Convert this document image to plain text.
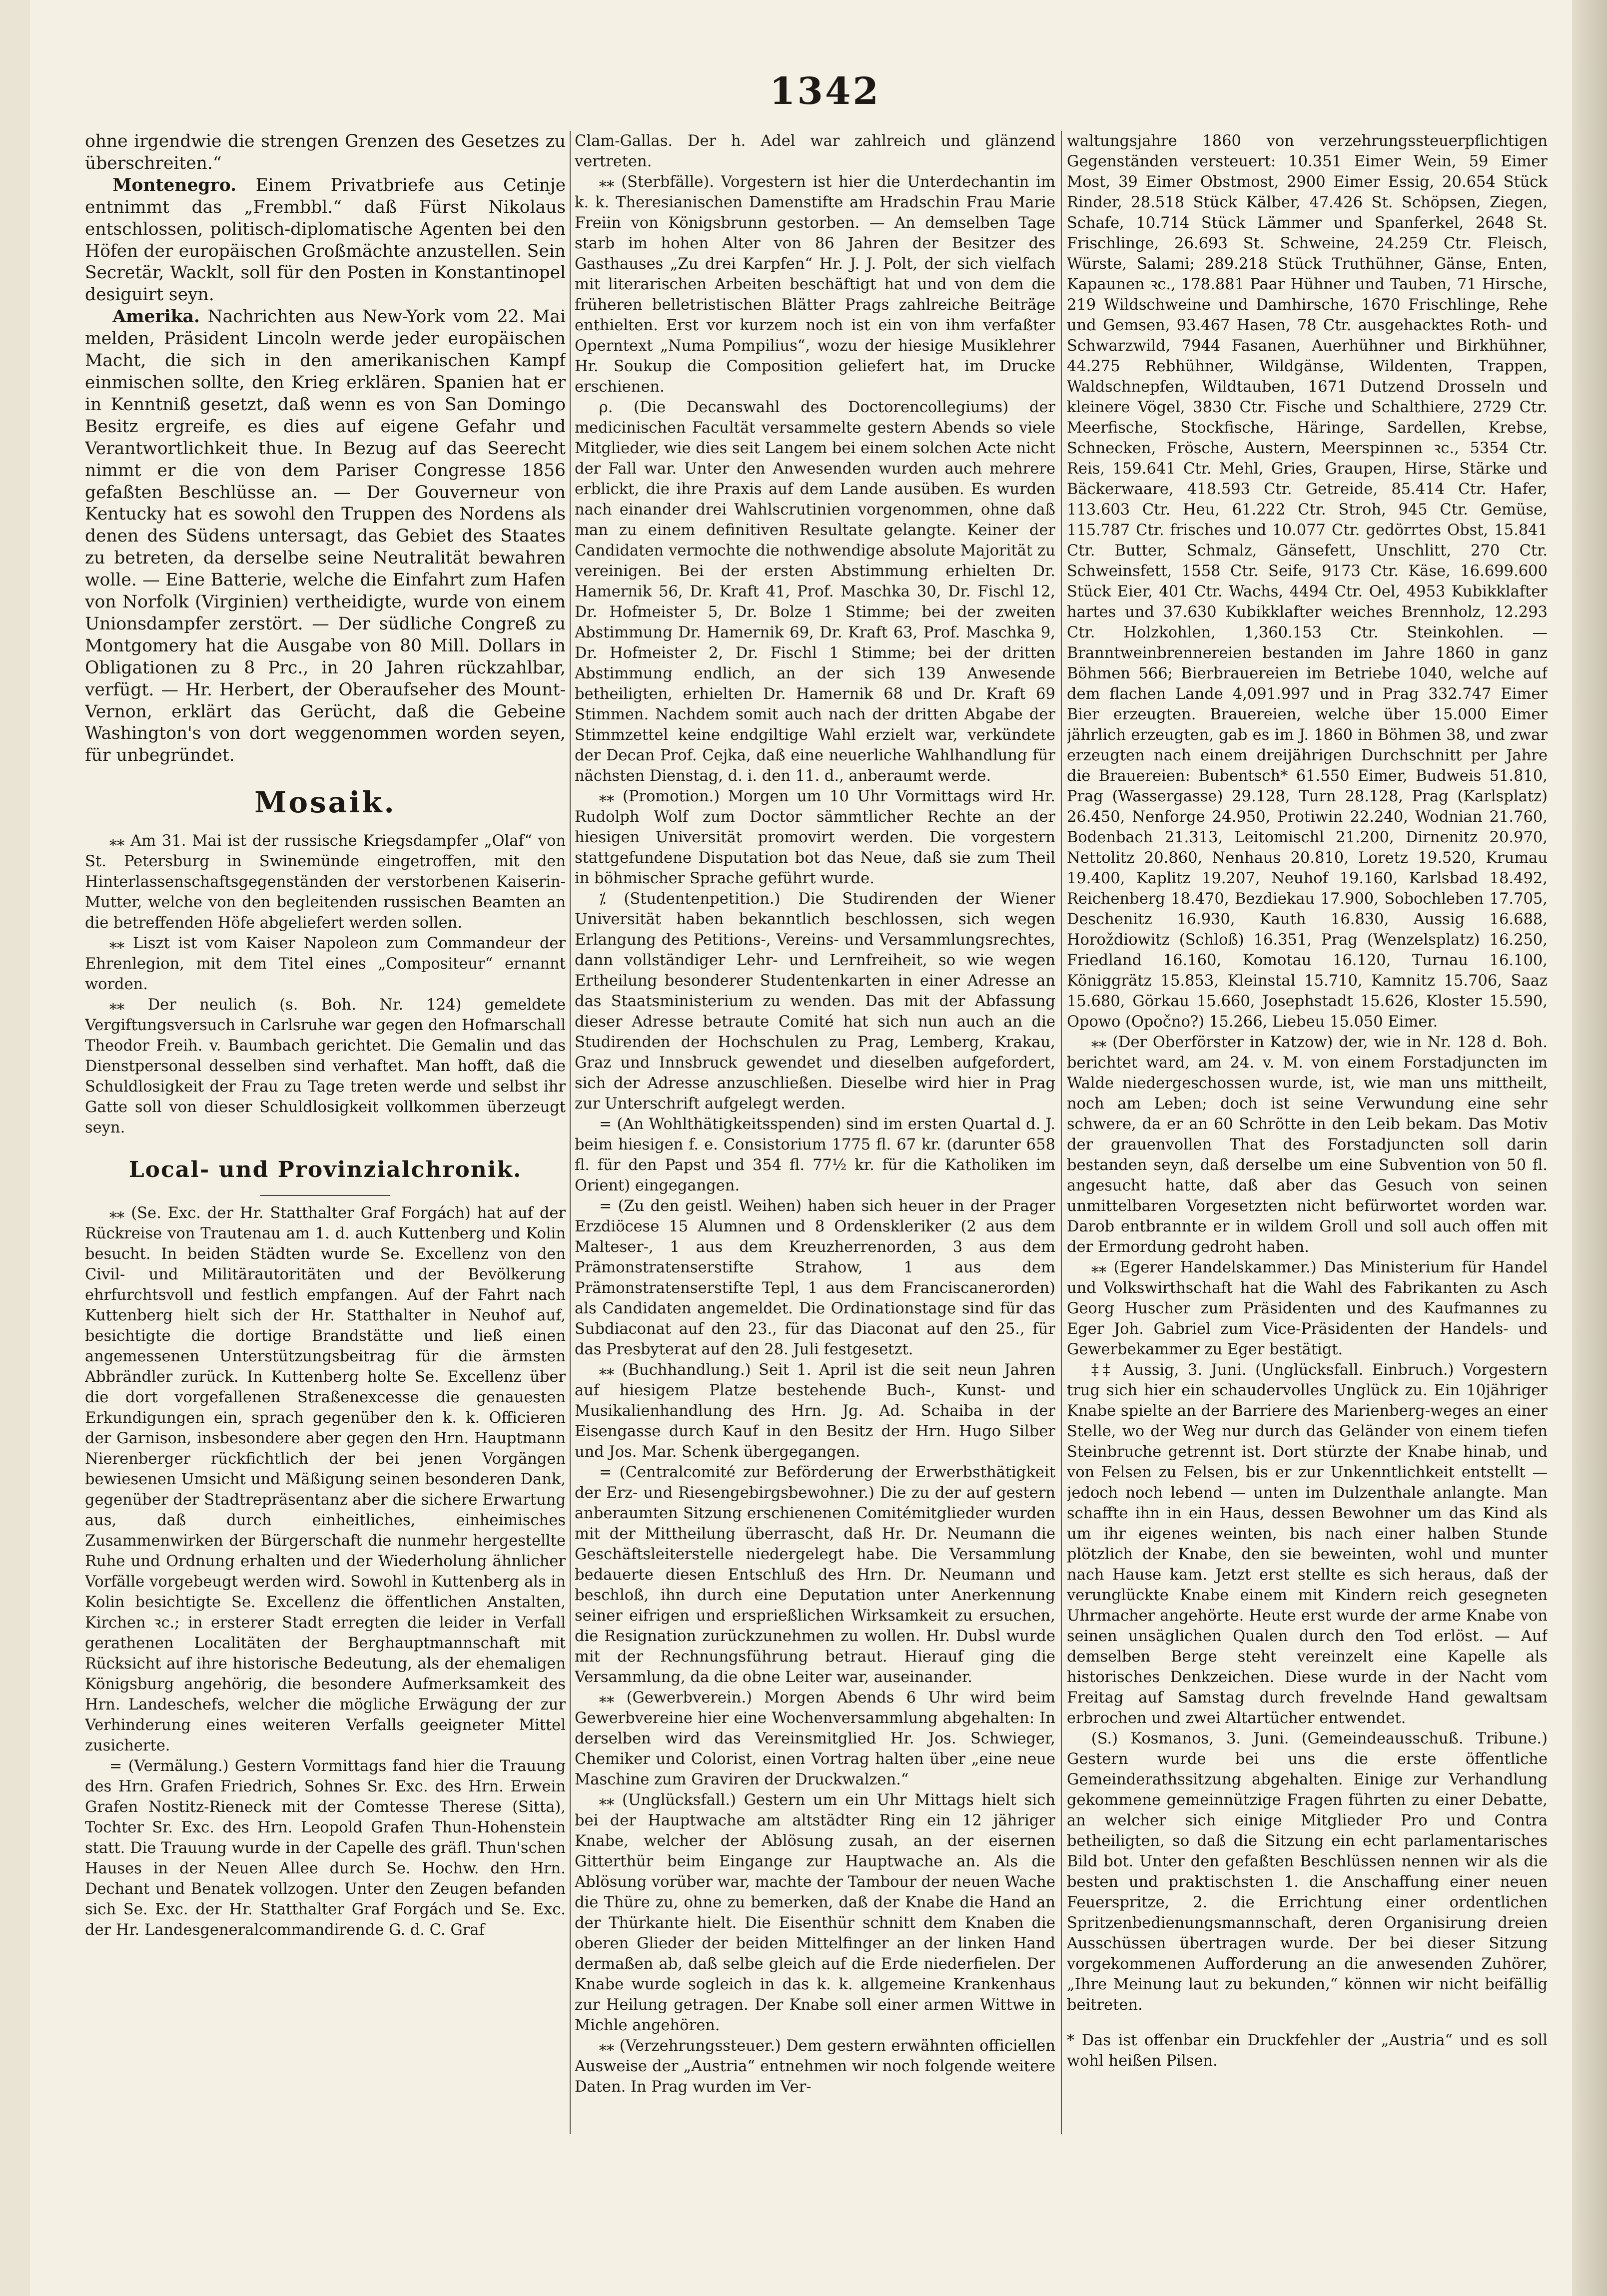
1342

ohne irgendwie die strengen Grenzen des Gesetzes zu überschreiten.“

Montenegro. Einem Privatbriefe aus Cetinje entnimmt das „Frembbl.“ daß Fürst Nikolaus entschlossen, politisch-diplomatische Agenten bei den Höfen der europäischen Großmächte anzustellen. Sein Secretär, Wacklt, soll für den Posten in Konstantinopel desiguirt seyn.

Amerika. Nachrichten aus New-York vom 22. Mai melden, Präsident Lincoln werde jeder europäischen Macht, die sich in den amerikanischen Kampf einmischen sollte, den Krieg erklären. Spanien hat er in Kenntniß gesetzt, daß wenn es von San Domingo Besitz ergreife, es dies auf eigene Gefahr und Verantwortlichkeit thue. In Bezug auf das Seerecht nimmt er die von dem Pariser Congresse 1856 gefaßten Beschlüsse an. — Der Gouverneur von Kentucky hat es sowohl den Truppen des Nordens als denen des Südens untersagt, das Gebiet des Staates zu betreten, da derselbe seine Neutralität bewahren wolle. — Eine Batterie, welche die Einfahrt zum Hafen von Norfolk (Virginien) vertheidigte, wurde von einem Unionsdampfer zerstört. — Der südliche Congreß zu Montgomery hat die Ausgabe von 80 Mill. Dollars in Obligationen zu 8 Prc., in 20 Jahren rückzahlbar, verfügt. — Hr. Herbert, der Oberaufseher des Mount-Vernon, erklärt das Gerücht, daß die Gebeine Washington's von dort weggenommen worden seyen, für unbegründet.

Mosaik.

⁎⁎ Am 31. Mai ist der russische Kriegsdampfer „Olaf“ von St. Petersburg in Swinemünde eingetroffen, mit den Hinterlassenschaftsgegenständen der verstorbenen Kaiserin-Mutter, welche von den begleitenden russischen Beamten an die betreffenden Höfe abgeliefert werden sollen.

⁎⁎ Liszt ist vom Kaiser Napoleon zum Commandeur der Ehrenlegion, mit dem Titel eines „Compositeur“ ernannt worden.

⁎⁎ Der neulich (s. Boh. Nr. 124) gemeldete Vergiftungsversuch in Carlsruhe war gegen den Hofmarschall Theodor Freih. v. Baumbach gerichtet. Die Gemalin und das Dienstpersonal desselben sind verhaftet. Man hofft, daß die Schuldlosigkeit der Frau zu Tage treten werde und selbst ihr Gatte soll von dieser Schuldlosigkeit vollkommen überzeugt seyn.

Local- und Provinzialchronik.

⁎⁎ (Se. Exc. der Hr. Statthalter Graf Forgách) hat auf der Rückreise von Trautenau am 1. d. auch Kuttenberg und Kolin besucht. In beiden Städten wurde Se. Excellenz von den Civil- und Militärautoritäten und der Bevölkerung ehrfurchtsvoll und festlich empfangen. Auf der Fahrt nach Kuttenberg hielt sich der Hr. Statthalter in Neuhof auf, besichtigte die dortige Brandstätte und ließ einen angemessenen Unterstützungsbeitrag für die ärmsten Abbrändler zurück. In Kuttenberg holte Se. Excellenz über die dort vorgefallenen Straßenexcesse die genauesten Erkundigungen ein, sprach gegenüber den k. k. Officieren der Garnison, insbesondere aber gegen den Hrn. Hauptmann Nierenberger rückfichtlich der bei jenen Vorgängen bewiesenen Umsicht und Mäßigung seinen besonderen Dank, gegenüber der Stadtrepräsentanz aber die sichere Erwartung aus, daß durch einheitliches, einheimisches Zusammenwirken der Bürgerschaft die nunmehr hergestellte Ruhe und Ordnung erhalten und der Wiederholung ähnlicher Vorfälle vorgebeugt werden wird. Sowohl in Kuttenberg als in Kolin besichtigte Se. Excellenz die öffentlichen Anstalten, Kirchen ꝛc.; in ersterer Stadt erregten die leider in Verfall gerathenen Localitäten der Berghauptmannschaft mit Rücksicht auf ihre historische Bedeutung, als der ehemaligen Königsburg angehörig, die besondere Aufmerksamkeit des Hrn. Landeschefs, welcher die mögliche Erwägung der zur Verhinderung eines weiteren Verfalls geeigneter Mittel zusicherte.

= (Vermälung.) Gestern Vormittags fand hier die Trauung des Hrn. Grafen Friedrich, Sohnes Sr. Exc. des Hrn. Erwein Grafen Nostitz-Rieneck mit der Comtesse Therese (Sitta), Tochter Sr. Exc. des Hrn. Leopold Grafen Thun-Hohenstein statt. Die Trauung wurde in der Capelle des gräfl. Thun'schen Hauses in der Neuen Allee durch Se. Hochw. den Hrn. Dechant und Benatek vollzogen. Unter den Zeugen befanden sich Se. Exc. der Hr. Statthalter Graf Forgách und Se. Exc. der Hr. Landesgeneralcommandirende G. d. C. Graf

Clam-Gallas. Der h. Adel war zahlreich und glänzend vertreten.

⁎⁎ (Sterbfälle). Vorgestern ist hier die Unterdechantin im k. k. Theresianischen Damenstifte am Hradschin Frau Marie Freiin von Königsbrunn gestorben. — An demselben Tage starb im hohen Alter von 86 Jahren der Besitzer des Gasthauses „Zu drei Karpfen“ Hr. J. J. Polt, der sich vielfach mit literarischen Arbeiten beschäftigt hat und von dem die früheren belletristischen Blätter Prags zahlreiche Beiträge enthielten. Erst vor kurzem noch ist ein von ihm verfaßter Operntext „Numa Pompilius“, wozu der hiesige Musiklehrer Hr. Soukup die Composition geliefert hat, im Drucke erschienen.

ρ. (Die Decanswahl des Doctorencollegiums) der medicinischen Facultät versammelte gestern Abends so viele Mitglieder, wie dies seit Langem bei einem solchen Acte nicht der Fall war. Unter den Anwesenden wurden auch mehrere erblickt, die ihre Praxis auf dem Lande ausüben. Es wurden nach einander drei Wahlscrutinien vorgenommen, ohne daß man zu einem definitiven Resultate gelangte. Keiner der Candidaten vermochte die nothwendige absolute Majorität zu vereinigen. Bei der ersten Abstimmung erhielten Dr. Hamernik 56, Dr. Kraft 41, Prof. Maschka 30, Dr. Fischl 12, Dr. Hofmeister 5, Dr. Bolze 1 Stimme; bei der zweiten Abstimmung Dr. Hamernik 69, Dr. Kraft 63, Prof. Maschka 9, Dr. Hofmeister 2, Dr. Fischl 1 Stimme; bei der dritten Abstimmung endlich, an der sich 139 Anwesende betheiligten, erhielten Dr. Hamernik 68 und Dr. Kraft 69 Stimmen. Nachdem somit auch nach der dritten Abgabe der Stimmzettel keine endgiltige Wahl erzielt war, verkündete der Decan Prof. Cejka, daß eine neuerliche Wahlhandlung für nächsten Dienstag, d. i. den 11. d., anberaumt werde.

⁎⁎ (Promotion.) Morgen um 10 Uhr Vormittags wird Hr. Rudolph Wolf zum Doctor sämmtlicher Rechte an der hiesigen Universität promovirt werden. Die vorgestern stattgefundene Disputation bot das Neue, daß sie zum Theil in böhmischer Sprache geführt wurde.

⁒ (Studentenpetition.) Die Studirenden der Wiener Universität haben bekanntlich beschlossen, sich wegen Erlangung des Petitions-, Vereins- und Versammlungsrechtes, dann vollständiger Lehr- und Lernfreiheit, so wie wegen Ertheilung besonderer Studentenkarten in einer Adresse an das Staatsministerium zu wenden. Das mit der Abfassung dieser Adresse betraute Comité hat sich nun auch an die Studirenden der Hochschulen zu Prag, Lemberg, Krakau, Graz und Innsbruck gewendet und dieselben aufgefordert, sich der Adresse anzuschließen. Dieselbe wird hier in Prag zur Unterschrift aufgelegt werden.

= (An Wohlthätigkeitsspenden) sind im ersten Quartal d. J. beim hiesigen f. e. Consistorium 1775 fl. 67 kr. (darunter 658 fl. für den Papst und 354 fl. 77½ kr. für die Katholiken im Orient) eingegangen.

= (Zu den geistl. Weihen) haben sich heuer in der Prager Erzdiöcese 15 Alumnen und 8 Ordenskleriker (2 aus dem Malteser-, 1 aus dem Kreuzherrenorden, 3 aus dem Prämonstratenserstifte Strahow, 1 aus dem Prämonstratenserstifte Tepl, 1 aus dem Franciscanerorden) als Candidaten angemeldet. Die Ordinationstage sind für das Subdiaconat auf den 23., für das Diaconat auf den 25., für das Presbyterat auf den 28. Juli festgesetzt.

⁎⁎ (Buchhandlung.) Seit 1. April ist die seit neun Jahren auf hiesigem Platze bestehende Buch-, Kunst- und Musikalienhandlung des Hrn. Jg. Ad. Schaiba in der Eisengasse durch Kauf in den Besitz der Hrn. Hugo Silber und Jos. Mar. Schenk übergegangen.

= (Centralcomité zur Beförderung der Erwerbsthätigkeit der Erz- und Riesengebirgsbewohner.) Die zu der auf gestern anberaumten Sitzung erschienenen Comitémitglieder wurden mit der Mittheilung überrascht, daß Hr. Dr. Neumann die Geschäftsleiterstelle niedergelegt habe. Die Versammlung bedauerte diesen Entschluß des Hrn. Dr. Neumann und beschloß, ihn durch eine Deputation unter Anerkennung seiner eifrigen und ersprießlichen Wirksamkeit zu ersuchen, die Resignation zurückzunehmen zu wollen. Hr. Dubsl wurde mit der Rechnungsführung betraut. Hierauf ging die Versammlung, da die obne Leiter war, auseinander.

⁎⁎ (Gewerbverein.) Morgen Abends 6 Uhr wird beim Gewerbvereine hier eine Wochenversammlung abgehalten: In derselben wird das Vereinsmitglied Hr. Jos. Schwieger, Chemiker und Colorist, einen Vortrag halten über „eine neue Maschine zum Graviren der Druckwalzen.“

⁎⁎ (Unglücksfall.) Gestern um ein Uhr Mittags hielt sich bei der Hauptwache am altstädter Ring ein 12 jähriger Knabe, welcher der Ablösung zusah, an der eisernen Gitterthür beim Eingange zur Hauptwache an. Als die Ablösung vorüber war, machte der Tambour der neuen Wache die Thüre zu, ohne zu bemerken, daß der Knabe die Hand an der Thürkante hielt. Die Eisenthür schnitt dem Knaben die oberen Glieder der beiden Mittelfinger an der linken Hand dermaßen ab, daß selbe gleich auf die Erde niederfielen. Der Knabe wurde sogleich in das k. k. allgemeine Krankenhaus zur Heilung getragen. Der Knabe soll einer armen Wittwe in Michle angehören.

⁎⁎ (Verzehrungssteuer.) Dem gestern erwähnten officiellen Ausweise der „Austria“ entnehmen wir noch folgende weitere Daten. In Prag wurden im Ver-

waltungsjahre 1860 von verzehrungssteuerpflichtigen Gegenständen versteuert: 10.351 Eimer Wein, 59 Eimer Most, 39 Eimer Obstmost, 2900 Eimer Essig, 20.654 Stück Rinder, 28.518 Stück Kälber, 47.426 St. Schöpsen, Ziegen, Schafe, 10.714 Stück Lämmer und Spanferkel, 2648 St. Frischlinge, 26.693 St. Schweine, 24.259 Ctr. Fleisch, Würste, Salami; 289.218 Stück Truthühner, Gänse, Enten, Kapaunen ꝛc., 178.881 Paar Hühner und Tauben, 71 Hirsche, 219 Wildschweine und Damhirsche, 1670 Frischlinge, Rehe und Gemsen, 93.467 Hasen, 78 Ctr. ausgehacktes Roth- und Schwarzwild, 7944 Fasanen, Auerhühner und Birkhühner, 44.275 Rebhühner, Wildgänse, Wildenten, Trappen, Waldschnepfen, Wildtauben, 1671 Dutzend Drosseln und kleinere Vögel, 3830 Ctr. Fische und Schalthiere, 2729 Ctr. Meerfische, Stockfische, Häringe, Sardellen, Krebse, Schnecken, Frösche, Austern, Meerspinnen ꝛc., 5354 Ctr. Reis, 159.641 Ctr. Mehl, Gries, Graupen, Hirse, Stärke und Bäckerwaare, 418.593 Ctr. Getreide, 85.414 Ctr. Hafer, 113.603 Ctr. Heu, 61.222 Ctr. Stroh, 945 Ctr. Gemüse, 115.787 Ctr. frisches und 10.077 Ctr. gedörrtes Obst, 15.841 Ctr. Butter, Schmalz, Gänsefett, Unschlitt, 270 Ctr. Schweinsfett, 1558 Ctr. Seife, 9173 Ctr. Käse, 16.699.600 Stück Eier, 401 Ctr. Wachs, 4494 Ctr. Oel, 4953 Kubikklafter hartes und 37.630 Kubikklafter weiches Brennholz, 12.293 Ctr. Holzkohlen, 1,360.153 Ctr. Steinkohlen. — Branntweinbrennereien bestanden im Jahre 1860 in ganz Böhmen 566; Bierbrauereien im Betriebe 1040, welche auf dem flachen Lande 4,091.997 und in Prag 332.747 Eimer Bier erzeugten. Brauereien, welche über 15.000 Eimer jährlich erzeugten, gab es im J. 1860 in Böhmen 38, und zwar erzeugten nach einem dreijährigen Durchschnitt per Jahre die Brauereien: Bubentsch* 61.550 Eimer, Budweis 51.810, Prag (Wassergasse) 29.128, Turn 28.128, Prag (Karlsplatz) 26.450, Nenforge 24.950, Protiwin 22.240, Wodnian 21.760, Bodenbach 21.313, Leitomischl 21.200, Dirnenitz 20.970, Nettolitz 20.860, Nenhaus 20.810, Loretz 19.520, Krumau 19.400, Kaplitz 19.207, Neuhof 19.160, Karlsbad 18.492, Reichenberg 18.470, Bezdiekau 17.900, Sobochleben 17.705, Deschenitz 16.930, Kauth 16.830, Aussig 16.688, Horoždiowitz (Schloß) 16.351, Prag (Wenzelsplatz) 16.250, Friedland 16.160, Komotau 16.120, Turnau 16.100, Königgrätz 15.853, Kleinstal 15.710, Kamnitz 15.706, Saaz 15.680, Görkau 15.660, Josephstadt 15.626, Kloster 15.590, Opowo (Opočno?) 15.266, Liebeu 15.050 Eimer.

⁎⁎ (Der Oberförster in Katzow) der, wie in Nr. 128 d. Boh. berichtet ward, am 24. v. M. von einem Forstadjuncten im Walde niedergeschossen wurde, ist, wie man uns mittheilt, noch am Leben; doch ist seine Verwundung eine sehr schwere, da er an 60 Schrötte in den Leib bekam. Das Motiv der grauenvollen That des Forstadjuncten soll darin bestanden seyn, daß derselbe um eine Subvention von 50 fl. angesucht hatte, daß aber das Gesuch von seinen unmittelbaren Vorgesetzten nicht befürwortet worden war. Darob entbrannte er in wildem Groll und soll auch offen mit der Ermordung gedroht haben.

⁎⁎ (Egerer Handelskammer.) Das Ministerium für Handel und Volkswirthschaft hat die Wahl des Fabrikanten zu Asch Georg Huscher zum Präsidenten und des Kaufmannes zu Eger Joh. Gabriel zum Vice-Präsidenten der Handels- und Gewerbekammer zu Eger bestätigt.

‡‡ Aussig, 3. Juni. (Unglücksfall. Einbruch.) Vorgestern trug sich hier ein schaudervolles Unglück zu. Ein 10jähriger Knabe spielte an der Barriere des Marienberg-weges an einer Stelle, wo der Weg nur durch das Geländer von einem tiefen Steinbruche getrennt ist. Dort stürzte der Knabe hinab, und von Felsen zu Felsen, bis er zur Unkenntlichkeit entstellt — jedoch noch lebend — unten im Dulzenthale anlangte. Man schaffte ihn in ein Haus, dessen Bewohner um das Kind als um ihr eigenes weinten, bis nach einer halben Stunde plötzlich der Knabe, den sie beweinten, wohl und munter nach Hause kam. Jetzt erst stellte es sich heraus, daß der verunglückte Knabe einem mit Kindern reich gesegneten Uhrmacher angehörte. Heute erst wurde der arme Knabe von seinen unsäglichen Qualen durch den Tod erlöst. — Auf demselben Berge steht vereinzelt eine Kapelle als historisches Denkzeichen. Diese wurde in der Nacht vom Freitag auf Samstag durch frevelnde Hand gewaltsam erbrochen und zwei Altartücher entwendet.

(S.) Kosmanos, 3. Juni. (Gemeindeausschuß. Tribune.) Gestern wurde bei uns die erste öffentliche Gemeinderathssitzung abgehalten. Einige zur Verhandlung gekommene gemeinnützige Fragen führten zu einer Debatte, an welcher sich einige Mitglieder Pro und Contra betheiligten, so daß die Sitzung ein echt parlamentarisches Bild bot. Unter den gefaßten Beschlüssen nennen wir als die besten und praktischsten 1. die Anschaffung einer neuen Feuerspritze, 2. die Errichtung einer ordentlichen Spritzenbedienungsmannschaft, deren Organisirung dreien Ausschüssen übertragen wurde. Der bei dieser Sitzung vorgekommenen Aufforderung an die anwesenden Zuhörer, „Ihre Meinung laut zu bekunden,“ können wir nicht beifällig beitreten.

* Das ist offenbar ein Druckfehler der „Austria“ und es soll wohl heißen Pilsen.
